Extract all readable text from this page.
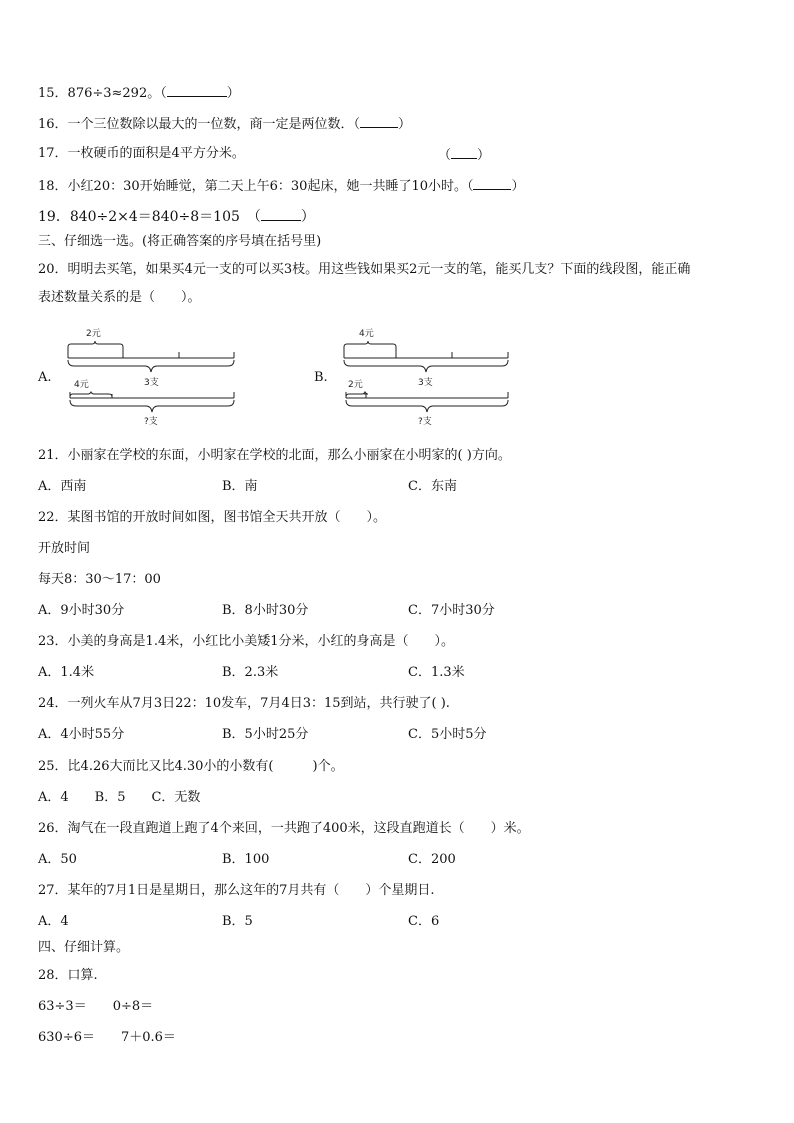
15．876÷3≈292。（	）
16．一个三位数除以最大的一位数，商一定是两位数．（	）
17．一枚硬币的面积是4平方分米。	（ ）
18．小红20：30开始睡觉，第二天上午6：30起床，她一共睡了10小时。（	）
19．840÷2×4＝840÷8＝105　（	）
三、仔细选一选。(将正确答案的序号填在括号里)
20．明明去买笔，如果买4元一支的可以买3枝。用这些钱如果买2元一支的笔，能买几支？下面的线段图，能正确
表述数量关系的是（　　）。
A.
2元
3支
4元
?支
B.
4元
3支
2元
?支
21．小丽家在学校的东面，小明家在学校的北面，那么小丽家在小明家的( )方向。
A．西南	B．南	C．东南
22．某图书馆的开放时间如图，图书馆全天共开放（　　）。
开放时间
每天8：30～17：00
A．9小时30分	B．8小时30分	C．7小时30分
23．小美的身高是1.4米，小红比小美矮1分米，小红的身高是（　　）。
A．1.4米	B．2.3米	C．1.3米
24．一列火车从7月3日22：10发车，7月4日3：15到站，共行驶了( ).
A．4小时55分	B．5小时25分	C．5小时5分
25．比4.26大而比又比4.30小的小数有(　　　)个。
A．4　　B．5　　C．无数
26．淘气在一段直跑道上跑了4个来回，一共跑了400米，这段直跑道长（　　）米。
A．50	B．100	C．200
27．某年的7月1日是星期日，那么这年的7月共有（　　）个星期日.
A．4	B．5	C．6
四、仔细计算。
28．口算.
63÷3＝　　0÷8＝
630÷6＝　　7＋0.6＝
